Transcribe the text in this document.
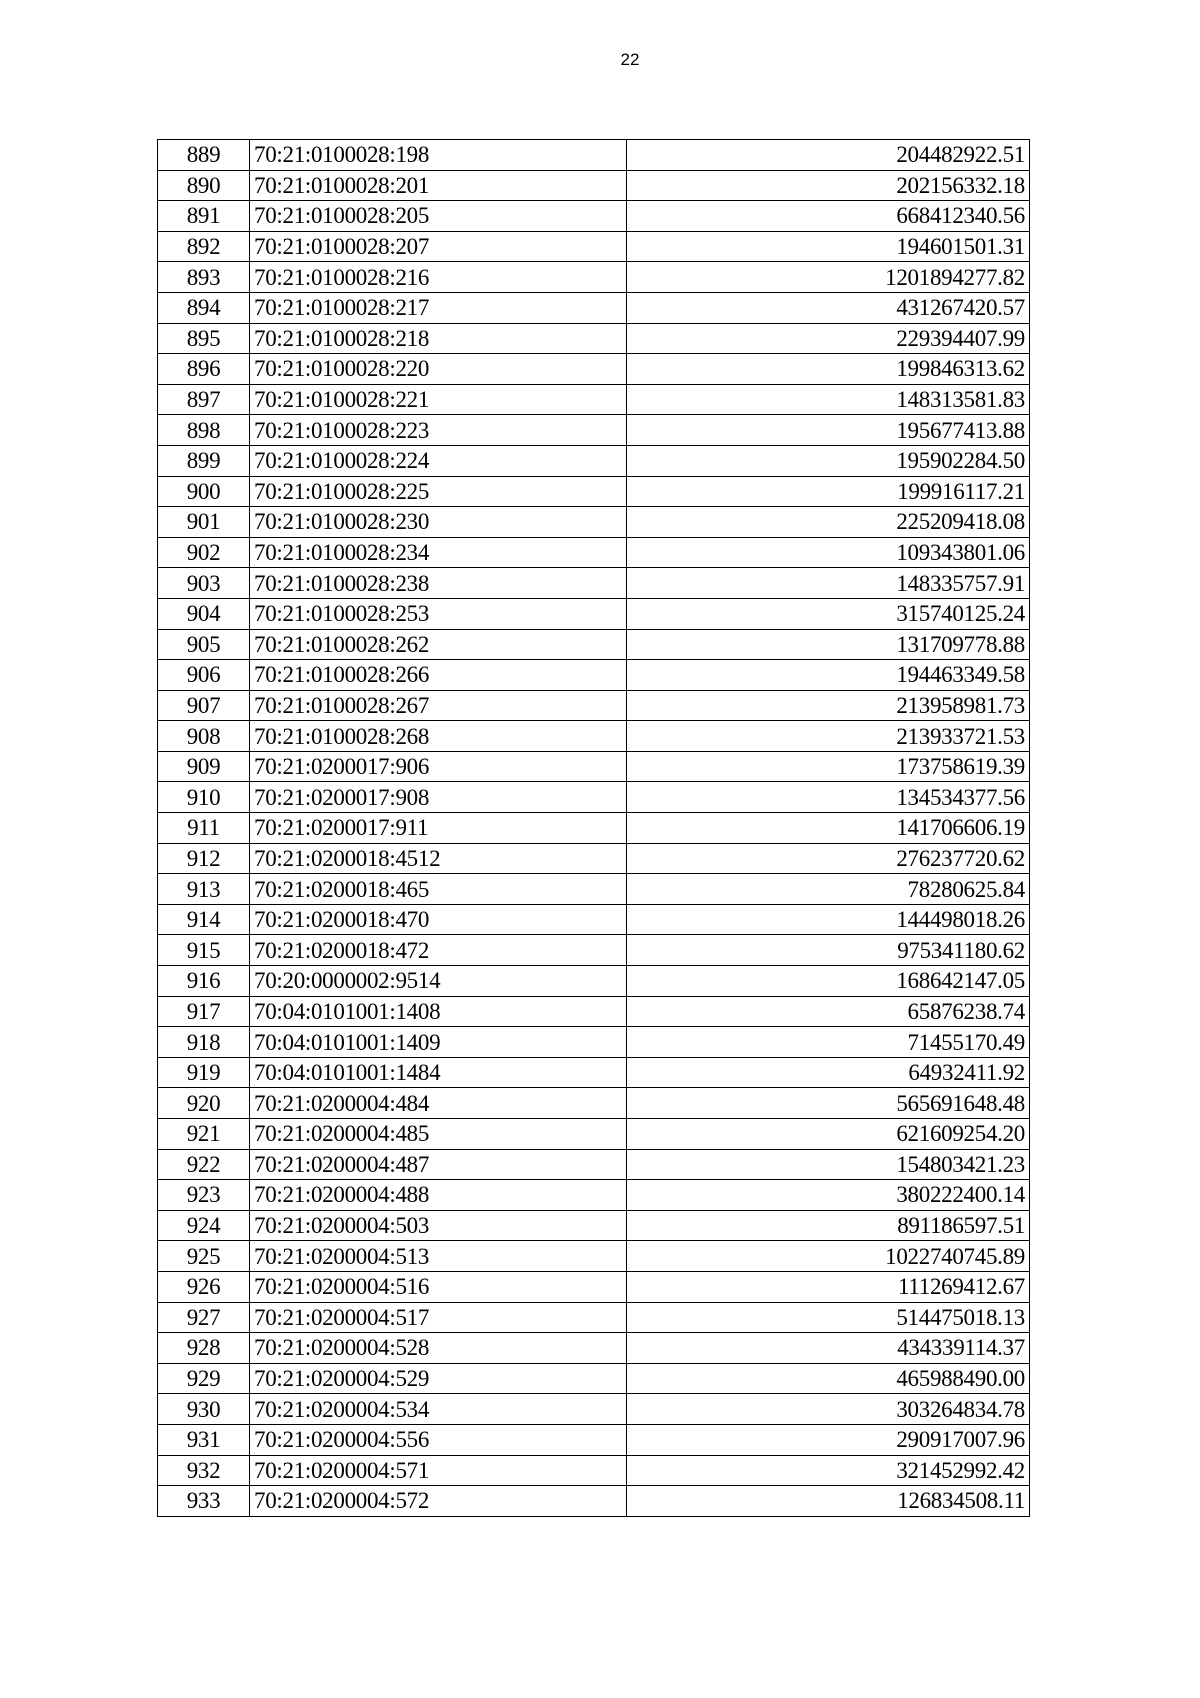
22
889	70:21:0100028:198	204482922.51
890	70:21:0100028:201	202156332.18
891	70:21:0100028:205	668412340.56
892	70:21:0100028:207	194601501.31
893	70:21:0100028:216	1201894277.82
894	70:21:0100028:217	431267420.57
895	70:21:0100028:218	229394407.99
896	70:21:0100028:220	199846313.62
897	70:21:0100028:221	148313581.83
898	70:21:0100028:223	195677413.88
899	70:21:0100028:224	195902284.50
900	70:21:0100028:225	199916117.21
901	70:21:0100028:230	225209418.08
902	70:21:0100028:234	109343801.06
903	70:21:0100028:238	148335757.91
904	70:21:0100028:253	315740125.24
905	70:21:0100028:262	131709778.88
906	70:21:0100028:266	194463349.58
907	70:21:0100028:267	213958981.73
908	70:21:0100028:268	213933721.53
909	70:21:0200017:906	173758619.39
910	70:21:0200017:908	134534377.56
911	70:21:0200017:911	141706606.19
912	70:21:0200018:4512	276237720.62
913	70:21:0200018:465	78280625.84
914	70:21:0200018:470	144498018.26
915	70:21:0200018:472	975341180.62
916	70:20:0000002:9514	168642147.05
917	70:04:0101001:1408	65876238.74
918	70:04:0101001:1409	71455170.49
919	70:04:0101001:1484	64932411.92
920	70:21:0200004:484	565691648.48
921	70:21:0200004:485	621609254.20
922	70:21:0200004:487	154803421.23
923	70:21:0200004:488	380222400.14
924	70:21:0200004:503	891186597.51
925	70:21:0200004:513	1022740745.89
926	70:21:0200004:516	111269412.67
927	70:21:0200004:517	514475018.13
928	70:21:0200004:528	434339114.37
929	70:21:0200004:529	465988490.00
930	70:21:0200004:534	303264834.78
931	70:21:0200004:556	290917007.96
932	70:21:0200004:571	321452992.42
933	70:21:0200004:572	126834508.11
